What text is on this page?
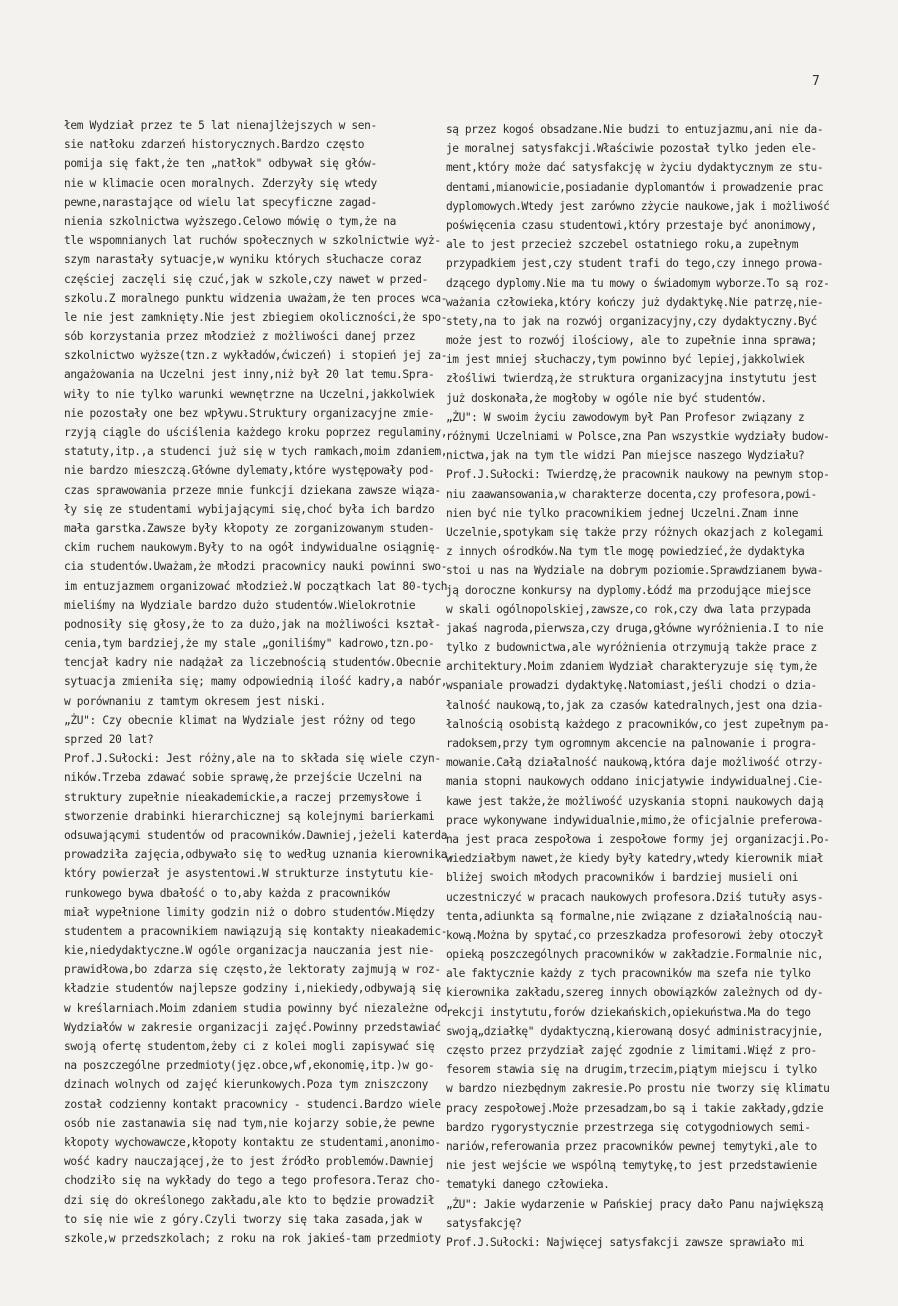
7
łem Wydział przez te 5 lat nienajlżejszych w sen-
sie natłoku zdarzeń historycznych.Bardzo często
pomija się fakt,że ten „natłok" odbywał się głów-
nie w klimacie ocen moralnych. Zderzyły się wtedy
pewne,narastające od wielu lat specyficzne zagad-
nienia szkolnictwa wyższego.Celowo mówię o tym,że na
tle wspomnianych lat ruchów społecznych w szkolnictwie wyż-
szym narastały sytuacje,w wyniku których słuchacze coraz
częściej zaczęli się czuć,jak w szkole,czy nawet w przed-
szkolu.Z moralnego punktu widzenia uważam,że ten proces wca-
le nie jest zamknięty.Nie jest zbiegiem okoliczności,że spo-
sób korzystania przez młodzież z możliwości danej przez
szkolnictwo wyższe(tzn.z wykładów,ćwiczeń) i stopień jej za-
angażowania na Uczelni jest inny,niż był 20 lat temu.Spra-
wiły to nie tylko warunki wewnętrzne na Uczelni,jakkolwiek
nie pozostały one bez wpływu.Struktury organizacyjne zmie-
rzyją ciągle do uściślenia każdego kroku poprzez regulaminy,
statuty,itp.,a studenci już się w tych ramkach,moim zdaniem,
nie bardzo mieszczą.Główne dylematy,które występowały pod-
czas sprawowania przeze mnie funkcji dziekana zawsze wiąza-
ły się ze studentami wybijającymi się,choć była ich bardzo
mała garstka.Zawsze były kłopoty ze zorganizowanym studen-
ckim ruchem naukowym.Były to na ogół indywidualne osiągnię-
cia studentów.Uważam,że młodzi pracownicy nauki powinni swo-
im entuzjazmem organizować młodzież.W początkach lat 80-tych
mieliśmy na Wydziale bardzo dużo studentów.Wielokrotnie
podnosiły się głosy,że to za dużo,jak na możliwości kształ-
cenia,tym bardziej,że my stale „goniliśmy" kadrowo,tzn.po-
tencjał kadry nie nadążał za liczebnością studentów.Obecnie
sytuacja zmieniła się; mamy odpowiednią ilość kadry,a nabór,
w porównaniu z tamtym okresem jest niski.
„ŻU": Czy obecnie klimat na Wydziale jest różny od tego
sprzed 20 lat?
Prof.J.Sułocki: Jest różny,ale na to składa się wiele czyn-
ników.Trzeba zdawać sobie sprawę,że przejście Uczelni na
struktury zupełnie nieakademickie,a raczej przemysłowe i
stworzenie drabinki hierarchicznej są kolejnymi barierkami
odsuwającymi studentów od pracowników.Dawniej,jeżeli katerda
prowadziła zajęcia,odbywało się to według uznania kierownika,
który powierzał je asystentowi.W strukturze instytutu kie-
runkowego bywa dbałość o to,aby każda z pracowników
miał wypełnione limity godzin niż o dobro studentów.Między
studentem a pracownikiem nawiązują się kontakty nieakademic-
kie,niedydaktyczne.W ogóle organizacja nauczania jest nie-
prawidłowa,bo zdarza się często,że lektoraty zajmują w roz-
kładzie studentów najlepsze godziny i,niekiedy,odbywają się
w kreślarniach.Moim zdaniem studia powinny być niezależne od
Wydziałów w zakresie organizacji zajęć.Powinny przedstawiać
swoją ofertę studentom,żeby ci z kolei mogli zapisywać się
na poszczególne przedmioty(jęz.obce,wf,ekonomię,itp.)w go-
dzinach wolnych od zajęć kierunkowych.Poza tym zniszczony
został codzienny kontakt pracownicy - studenci.Bardzo wiele
osób nie zastanawia się nad tym,nie kojarzy sobie,że pewne
kłopoty wychowawcze,kłopoty kontaktu ze studentami,anonimo-
wość kadry nauczającej,że to jest źródło problemów.Dawniej
chodziło się na wykłady do tego a tego profesora.Teraz cho-
dzi się do określonego zakładu,ale kto to będzie prowadził
to się nie wie z góry.Czyli tworzy się taka zasada,jak w
szkole,w przedszkolach; z roku na rok jakieś-tam przedmioty
są przez kogoś obsadzane.Nie budzi to entuzjazmu,ani nie da-
je moralnej satysfakcji.Właściwie pozostał tylko jeden ele-
ment,który może dać satysfakcję w życiu dydaktycznym ze stu-
dentami,mianowicie,posiadanie dyplomantów i prowadzenie prac
dyplomowych.Wtedy jest zarówno zżycie naukowe,jak i możliwość
poświęcenia czasu studentowi,który przestaje być anonimowy,
ale to jest przecież szczebel ostatniego roku,a zupełnym
przypadkiem jest,czy student trafi do tego,czy innego prowa-
dzącego dyplomy.Nie ma tu mowy o świadomym wyborze.To są roz-
ważania człowieka,który kończy już dydaktykę.Nie patrzę,nie-
stety,na to jak na rozwój organizacyjny,czy dydaktyczny.Być
może jest to rozwój ilościowy, ale to zupełnie inna sprawa;
im jest mniej słuchaczy,tym powinno być lepiej,jakkolwiek
złośliwi twierdzą,że struktura organizacyjna instytutu jest
już doskonała,że mogłoby w ogóle nie być studentów.
„ŻU": W swoim życiu zawodowym był Pan Profesor związany z
różnymi Uczelniami w Polsce,zna Pan wszystkie wydziały budow-
nictwa,jak na tym tle widzi Pan miejsce naszego Wydziału?
Prof.J.Sułocki: Twierdzę,że pracownik naukowy na pewnym stop-
niu zaawansowania,w charakterze docenta,czy profesora,powi-
nien być nie tylko pracownikiem jednej Uczelni.Znam inne
Uczelnie,spotykam się także przy różnych okazjach z kolegami
z innych ośrodków.Na tym tle mogę powiedzieć,że dydaktyka
stoi u nas na Wydziale na dobrym poziomie.Sprawdzianem bywa-
ją doroczne konkursy na dyplomy.Łódź ma przodujące miejsce
w skali ogólnopolskiej,zawsze,co rok,czy dwa lata przypada
jakaś nagroda,pierwsza,czy druga,główne wyróżnienia.I to nie
tylko z budownictwa,ale wyróżnienia otrzymują także prace z
architektury.Moim zdaniem Wydział charakteryzuje się tym,że
wspaniale prowadzi dydaktykę.Natomiast,jeśli chodzi o dzia-
łalność naukową,to,jak za czasów katedralnych,jest ona dzia-
łalnością osobistą każdego z pracowników,co jest zupełnym pa-
radoksem,przy tym ogromnym akcencie na palnowanie i progra-
mowanie.Całą działalność naukową,która daje możliwość otrzy-
mania stopni naukowych oddano inicjatywie indywidualnej.Cie-
kawe jest także,że możliwość uzyskania stopni naukowych dają
prace wykonywane indywidualnie,mimo,że oficjalnie preferowa-
na jest praca zespołowa i zespołowe formy jej organizacji.Po-
wiedziałbym nawet,że kiedy były katedry,wtedy kierownik miał
bliżej swoich młodych pracowników i bardziej musieli oni
uczestniczyć w pracach naukowych profesora.Dziś tutuły asys-
tenta,adiunkta są formalne,nie związane z działalnością nau-
kową.Można by spytać,co przeszkadza profesorowi żeby otoczył
opieką poszczególnych pracowników w zakładzie.Formalnie nic,
ale faktycznie każdy z tych pracowników ma szefa nie tylko
kierownika zakładu,szereg innych obowiązków zależnych od dy-
rekcji instytutu,forów dziekańskich,opiekuństwa.Ma do tego
swoją„działkę" dydaktyczną,kierowaną dosyć administracyjnie,
często przez przydział zajęć zgodnie z limitami.Więź z pro-
fesorem stawia się na drugim,trzecim,piątym miejscu i tylko
w bardzo niezbędnym zakresie.Po prostu nie tworzy się klimatu
pracy zespołowej.Może przesadzam,bo są i takie zakłady,gdzie
bardzo rygorystycznie przestrzega się cotygodniowych semi-
nariów,referowania przez pracowników pewnej temytyki,ale to
nie jest wejście we wspólną temytykę,to jest przedstawienie
tematyki danego człowieka.
„ŻU": Jakie wydarzenie w Pańskiej pracy dało Panu największą
satysfakcję?
Prof.J.Sułocki: Najwięcej satysfakcji zawsze sprawiało mi
